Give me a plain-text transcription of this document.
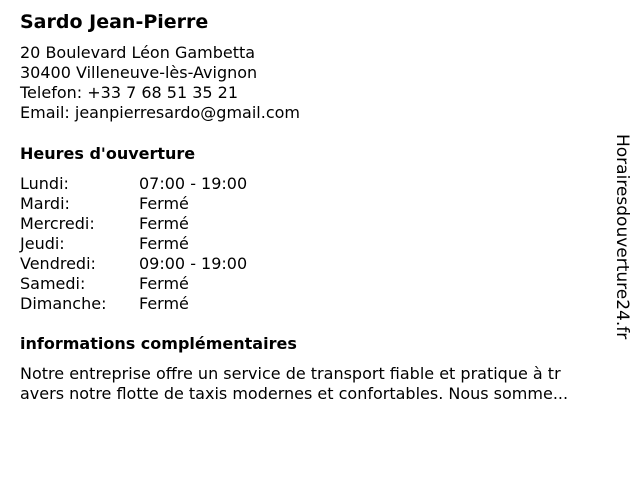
Sardo Jean-Pierre
20 Boulevard Léon Gambetta
30400 Villeneuve-lès-Avignon
Telefon: +33 7 68 51 35 21
Email: jeanpierresardo@gmail.com
Heures d'ouverture
Lundi:	07:00 - 19:00
Mardi:	Fermé
Mercredi:	Fermé
Jeudi:	Fermé
Vendredi:	09:00 - 19:00
Samedi:	Fermé
Dimanche: Fermé
informations complémentaires
Notre entreprise offre un service de transport fiable et pratique à tr
avers notre flotte de taxis modernes et confortables. Nous somme...
Horairesdouverture24.fr
